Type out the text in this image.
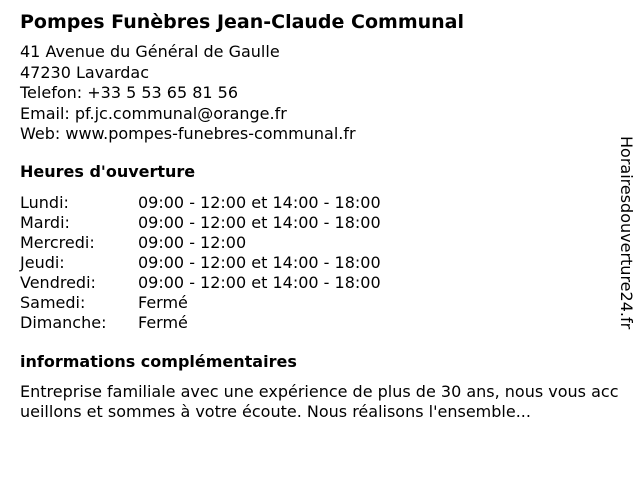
Pompes Funèbres Jean-Claude Communal
41 Avenue du Général de Gaulle
47230 Lavardac
Telefon: +33 5 53 65 81 56
Email: pf.jc.communal@orange.fr
Web: www.pompes-funebres-communal.fr
Heures d'ouverture
Lundi:	09:00 - 12:00 et 14:00 - 18:00
Mardi:	09:00 - 12:00 et 14:00 - 18:00
Mercredi:	09:00 - 12:00
Jeudi:	09:00 - 12:00 et 14:00 - 18:00
Vendredi:	09:00 - 12:00 et 14:00 - 18:00
Samedi:	Fermé
Dimanche:	Fermé
informations complémentaires
Entreprise familiale avec une expérience de plus de 30 ans, nous vous accueillons et sommes à votre écoute. Nous réalisons l'ensemble...
Horairesdouverture24.fr
